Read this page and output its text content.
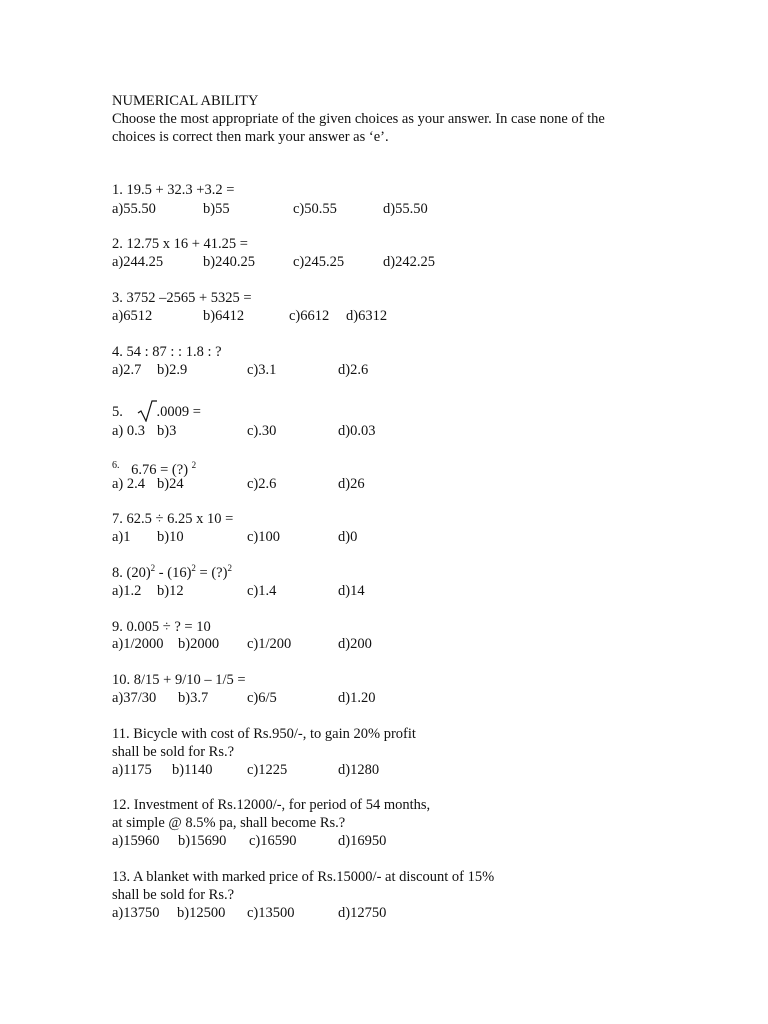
NUMERICAL ABILITY
Choose the most appropriate of the given choices as your answer. In case none of the
choices is correct then mark your answer as ‘e’.
1. 19.5 + 32.3 +3.2 =
a)55.50	b)55	c)50.55	d)55.50
2. 12.75 x 16 + 41.25 =
a)244.25	b)240.25	c)245.25	d)242.25
3. 3752 –2565 + 5325 =
a)6512	b)6412	c)6612 d)6312
4. 54 : 87 : : 1.8 : ?
a)2.7 b)2.9	c)3.1	d)2.6
5. .0009 =
a) 0.3 b)3	c).30	d)0.03
$^{6.}$ 6.76 = (?) $^2$
a) 2.4 b)24	c)2.6	d)26
7. 62.5 ÷ 6.25 x 10 =
a)1 b)10	c)100	d)0
8. $(20)^2 - (16)^2$ = (?)$^2$
a)1.2 b)12	c)1.4	d)14
9. 0.005 ÷ ? = 10
a)1/2000 b)2000 c)1/200	d)200
10. 8/15 + 9/10 – 1/5 =
a)37/30 b)3.7	c)6/5	d)1.20
11. Bicycle with cost of Rs.950/-, to gain 20% profit
shall be sold for Rs.?
a)1175 b)1140 c)1225	d)1280
12. Investment of Rs.12000/-, for period of 54 months,
at simple @ 8.5% pa, shall become Rs.?
a)15960 b)15690 c)16590	d)16950
13. A blanket with marked price of Rs.15000/- at discount of 15%
shall be sold for Rs.?
a)13750 b)12500 c)13500	d)12750
